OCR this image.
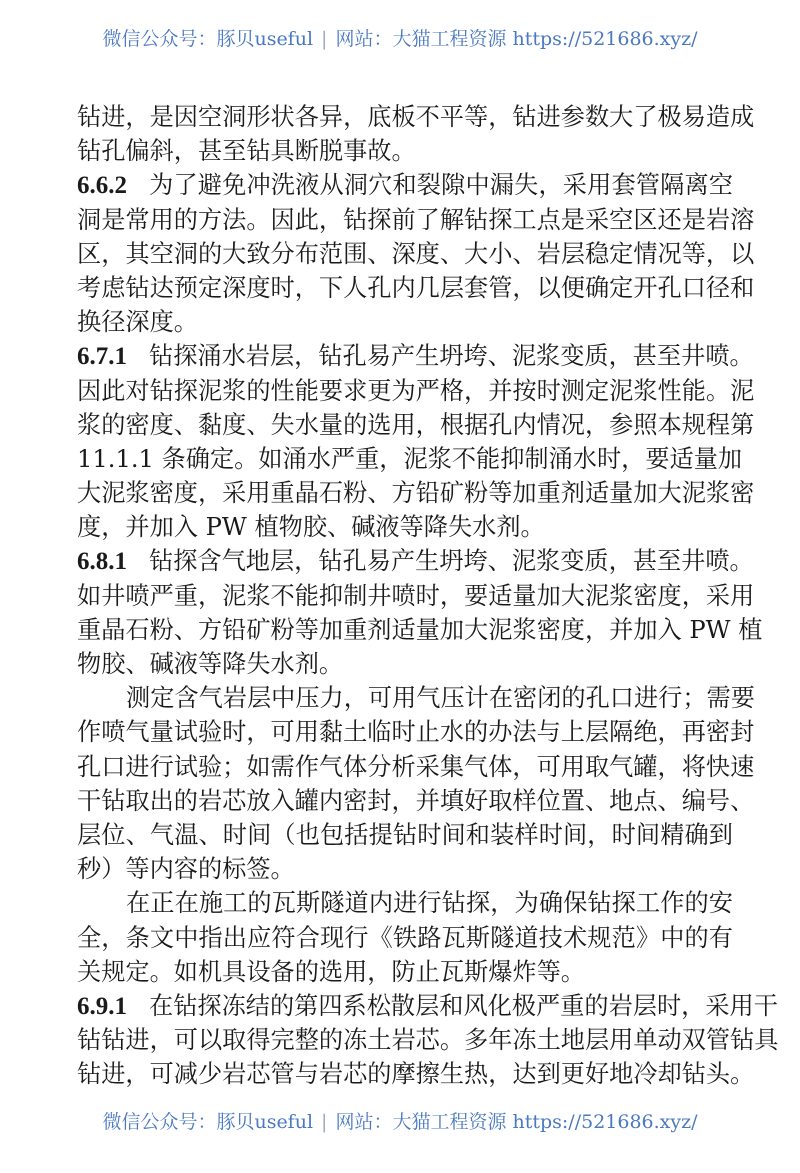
微信公众号：豚贝useful | 网站：大猫工程资源 https://521686.xyz/
钻进，是因空洞形状各异，底板不平等，钻进参数大了极易造成
钻孔偏斜，甚至钻具断脱事故。
6.6.2 为了避免冲洗液从洞穴和裂隙中漏失，采用套管隔离空
洞是常用的方法。因此，钻探前了解钻探工点是采空区还是岩溶
区，其空洞的大致分布范围、深度、大小、岩层稳定情况等，以
考虑钻达预定深度时，下人孔内几层套管，以便确定开孔口径和
换径深度。
6.7.1 钻探涌水岩层，钻孔易产生坍垮、泥浆变质，甚至井喷。
因此对钻探泥浆的性能要求更为严格，并按时测定泥浆性能。泥
浆的密度、黏度、失水量的选用，根据孔内情况，参照本规程第
11.1.1 条确定。如涌水严重，泥浆不能抑制涌水时，要适量加
大泥浆密度，采用重晶石粉、方铅矿粉等加重剂适量加大泥浆密
度，并加入 PW 植物胶、碱液等降失水剂。
6.8.1 钻探含气地层，钻孔易产生坍垮、泥浆变质，甚至井喷。
如井喷严重，泥浆不能抑制井喷时，要适量加大泥浆密度，采用
重晶石粉、方铅矿粉等加重剂适量加大泥浆密度，并加入 PW 植
物胶、碱液等降失水剂。
测定含气岩层中压力，可用气压计在密闭的孔口进行；需要
作喷气量试验时，可用黏土临时止水的办法与上层隔绝，再密封
孔口进行试验；如需作气体分析采集气体，可用取气罐，将快速
干钻取出的岩芯放入罐内密封，并填好取样位置、地点、编号、
层位、气温、时间（也包括提钻时间和装样时间，时间精确到
秒）等内容的标签。
在正在施工的瓦斯隧道内进行钻探，为确保钻探工作的安
全，条文中指出应符合现行《铁路瓦斯隧道技术规范》中的有
关规定。如机具设备的选用，防止瓦斯爆炸等。
6.9.1 在钻探冻结的第四系松散层和风化极严重的岩层时，采用干
钻钻进，可以取得完整的冻土岩芯。多年冻土地层用单动双管钻具
钻进，可减少岩芯管与岩芯的摩擦生热，达到更好地冷却钻头。
微信公众号：豚贝useful | 网站：大猫工程资源 https://521686.xyz/
